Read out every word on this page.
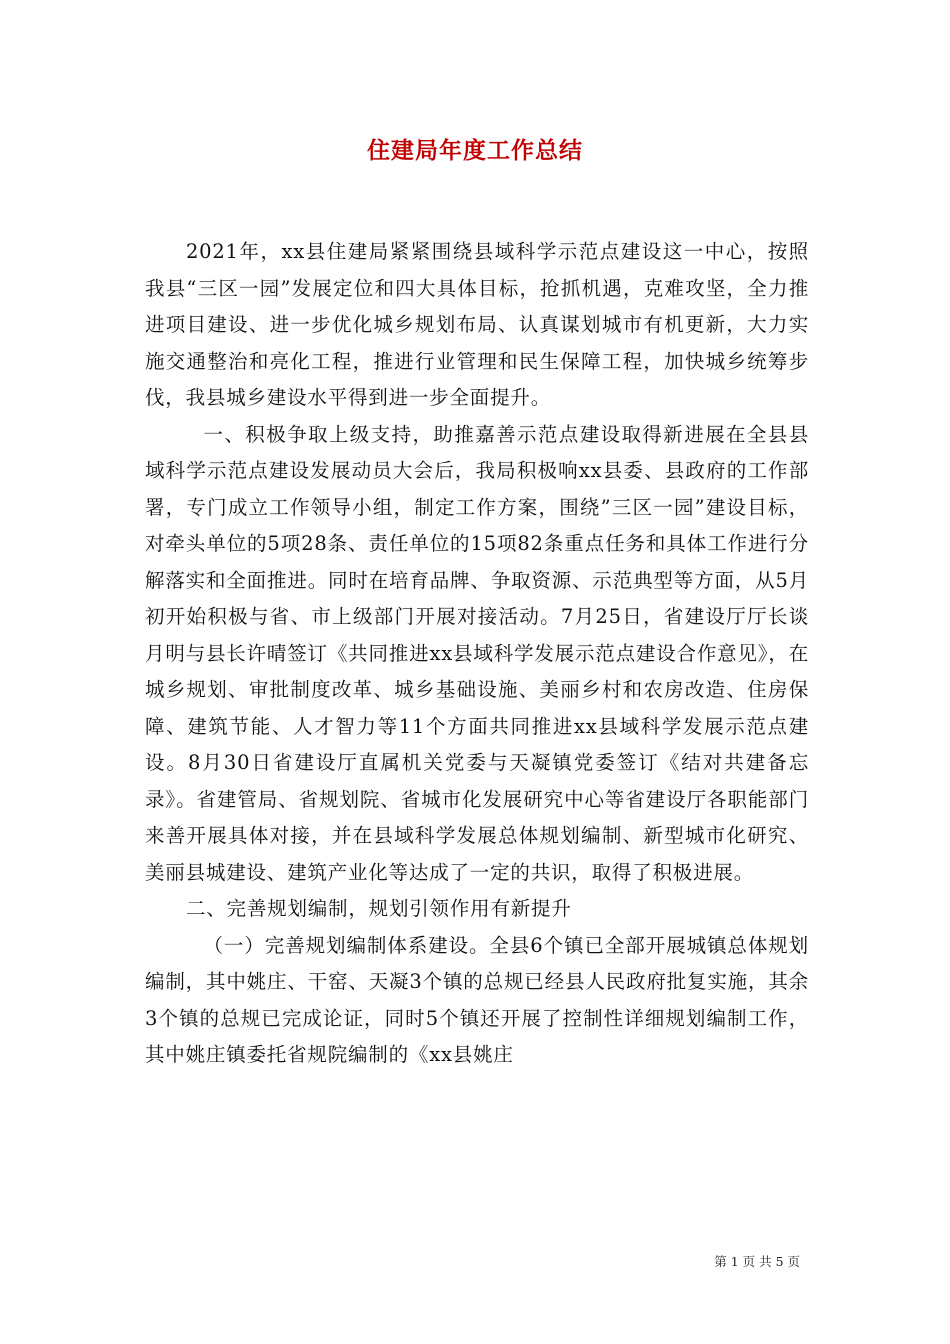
住建局年度工作总结

2021年，xx县住建局紧紧围绕县域科学示范点建设这一中心，按照我县“三区一园”发展定位和四大具体目标，抢抓机遇，克难攻坚，全力推进项目建设、进一步优化城乡规划布局、认真谋划城市有机更新，大力实施交通整治和亮化工程，推进行业管理和民生保障工程，加快城乡统筹步伐，我县城乡建设水平得到进一步全面提升。

一、积极争取上级支持，助推嘉善示范点建设取得新进展在全县县域科学示范点建设发展动员大会后，我局积极响xx县委、县政府的工作部署，专门成立工作领导小组，制定工作方案，围绕”三区一园”建设目标，对牵头单位的5项28条、责任单位的15项82条重点任务和具体工作进行分解落实和全面推进。同时在培育品牌、争取资源、示范典型等方面，从5月初开始积极与省、市上级部门开展对接活动。7月25日，省建设厅厅长谈月明与县长许晴签订《共同推进xx县域科学发展示范点建设合作意见》，在城乡规划、审批制度改革、城乡基础设施、美丽乡村和农房改造、住房保障、建筑节能、人才智力等11个方面共同推进xx县域科学发展示范点建设。8月30日省建设厅直属机关党委与天凝镇党委签订《结对共建备忘录》。省建管局、省规划院、省城市化发展研究中心等省建设厅各职能部门来善开展具体对接，并在县域科学发展总体规划编制、新型城市化研究、美丽县城建设、建筑产业化等达成了一定的共识，取得了积极进展。

二、完善规划编制，规划引领作用有新提升

（一）完善规划编制体系建设。全县6个镇已全部开展城镇总体规划编制，其中姚庄、干窑、天凝3个镇的总规已经县人民政府批复实施，其余3个镇的总规已完成论证，同时5个镇还开展了控制性详细规划编制工作，其中姚庄镇委托省规院编制的《xx县姚庄

第 1 页 共 5 页
